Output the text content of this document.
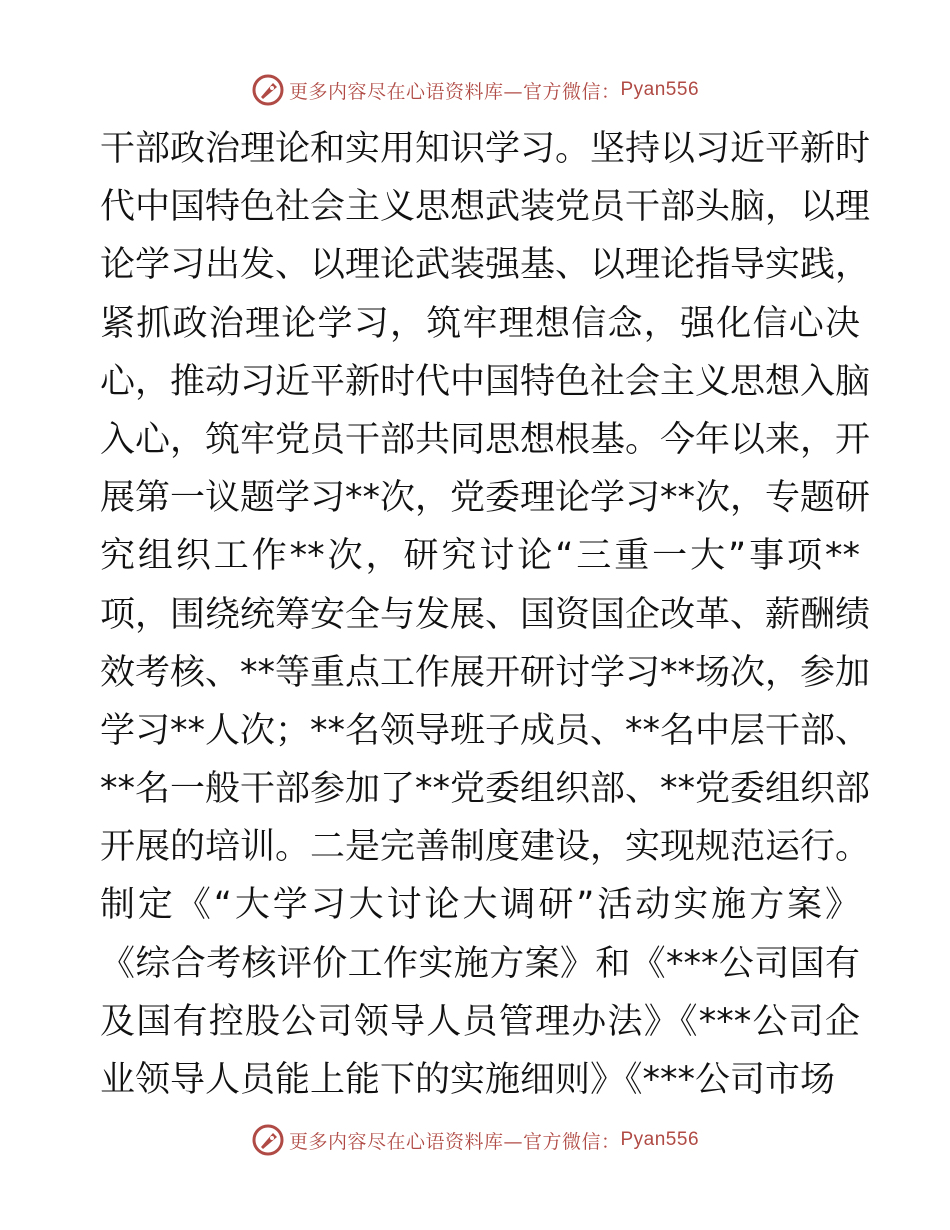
更多内容尽在心语资料库—官方微信： Pyan556
干部政治理论和实用知识学习。坚持以习近平新时
代中国特色社会主义思想武装党员干部头脑，以理
论学习出发、以理论武装强基、以理论指导实践，
紧抓政治理论学习，筑牢理想信念，强化信心决
心，推动习近平新时代中国特色社会主义思想入脑
入心，筑牢党员干部共同思想根基。今年以来，开
展第一议题学习**次，党委理论学习**次，专题研
究组织工作**次，研究讨论“三重一大”事项**
项，围绕统筹安全与发展、国资国企改革、薪酬绩
效考核、**等重点工作展开研讨学习**场次，参加
学习**人次；**名领导班子成员、**名中层干部、
**名一般干部参加了**党委组织部、**党委组织部
开展的培训。二是完善制度建设，实现规范运行。
制定《“大学习大讨论大调研”活动实施方案》
《综合考核评价工作实施方案》和《***公司国有
及国有控股公司领导人员管理办法》《***公司企
业领导人员能上能下的实施细则》《***公司市场
更多内容尽在心语资料库—官方微信： Pyan556
